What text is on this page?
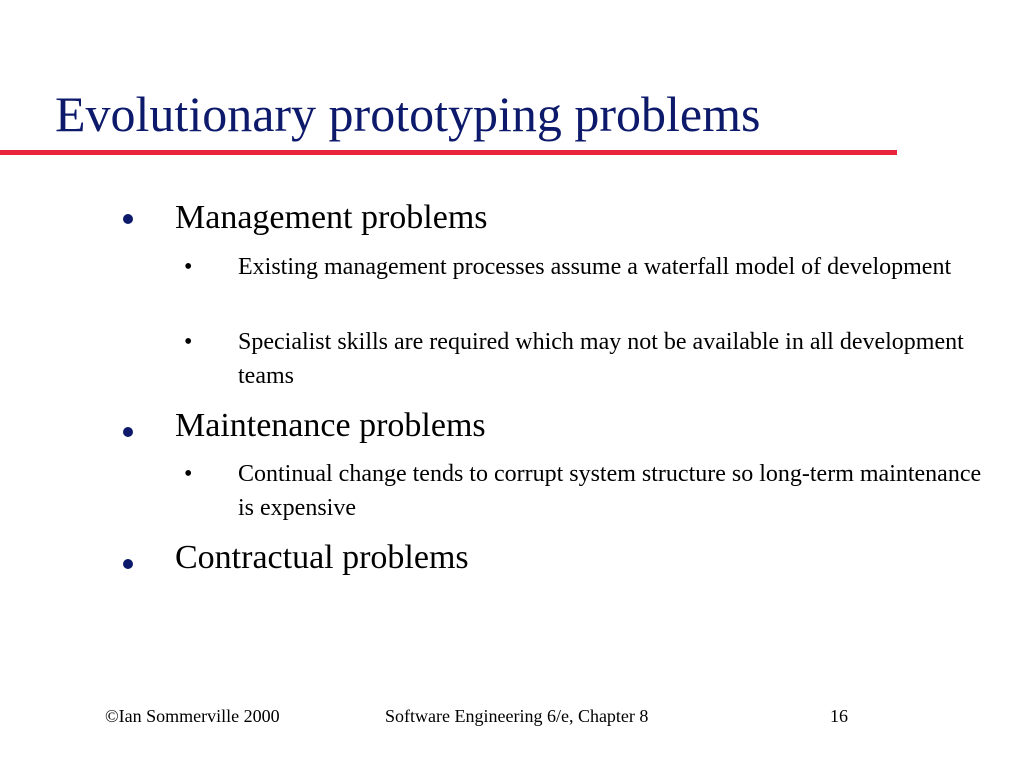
Evolutionary prototyping problems
Management problems
• Existing management processes assume a waterfall model of development
• Specialist skills are required which may not be available in all development teams
Maintenance problems
• Continual change tends to corrupt system structure so long-term maintenance is expensive
Contractual problems
©Ian Sommerville 2000	Software Engineering 6/e, Chapter 8	16
